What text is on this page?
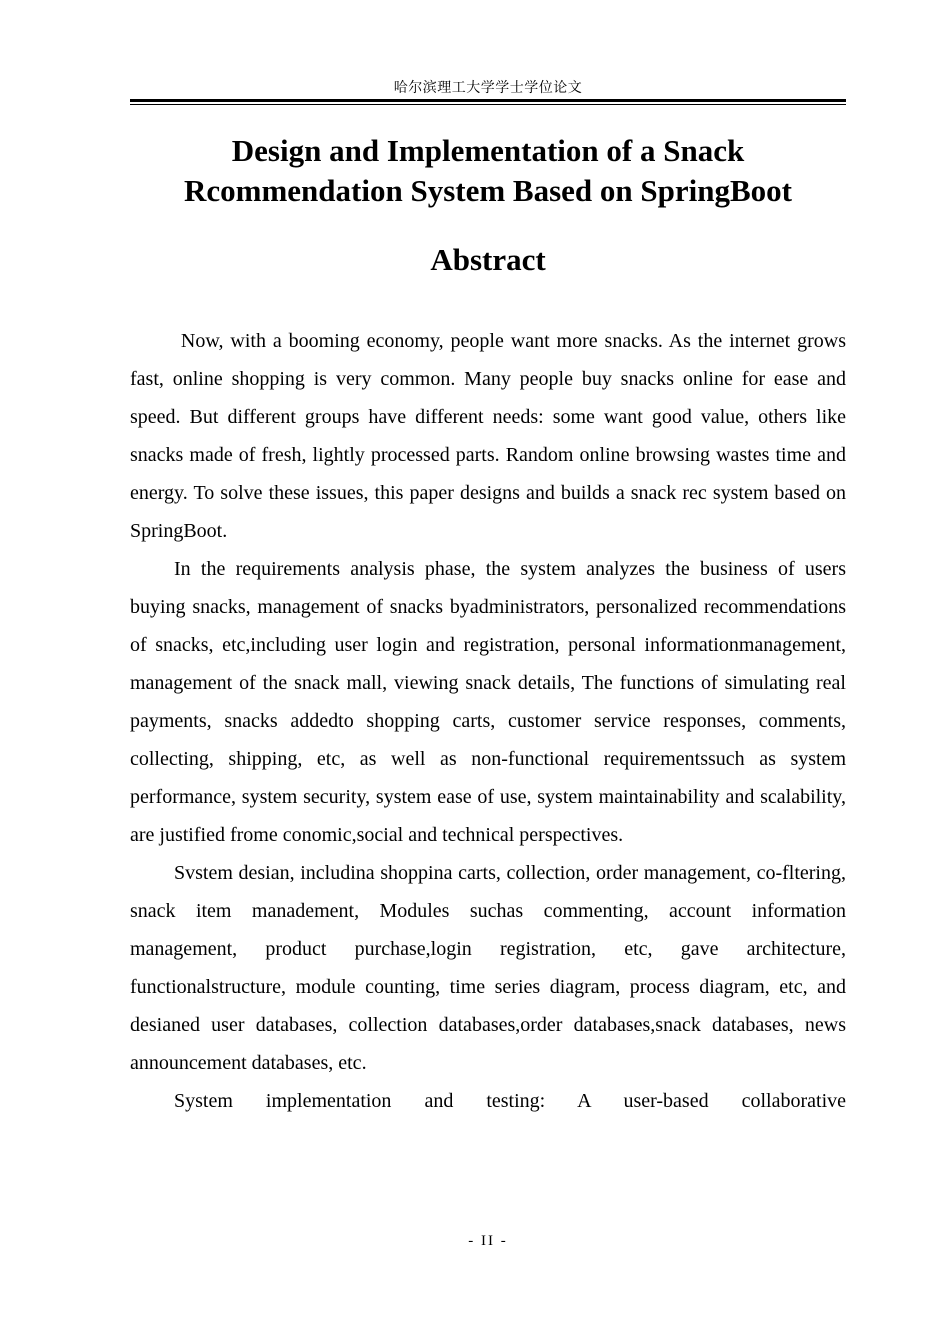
哈尔滨理工大学学士学位论文
Design and Implementation of a Snack
Rcommendation System Based on SpringBoot
Abstract

Now, with a booming economy, people want more snacks. As the internet grows fast, online shopping is very common. Many people buy snacks online for ease and speed. But different groups have different needs: some want good value, others like snacks made of fresh, lightly processed parts. Random online browsing wastes time and energy. To solve these issues, this paper designs and builds a snack rec system based on SpringBoot.

In the requirements analysis phase, the system analyzes the business of users buying snacks, management of snacks byadministrators, personalized recommendations of snacks, etc,including user login and registration, personal informationmanagement, management of the snack mall, viewing snack details, The functions of simulating real payments, snacks addedto shopping carts, customer service responses, comments, collecting, shipping, etc, as well as non-functional requirementssuch as system performance, system security, system ease of use, system maintainability and scalability, are justified frome conomic,social and technical perspectives.

Svstem desian, includina shoppina carts, collection, order management, co-fltering, snack item manadement, Modules suchas commenting, account information management, product purchase,login registration, etc, gave architecture, functionalstructure, module counting, time series diagram, process diagram, etc, and desianed user databases, collection databases,order databases,snack databases, news announcement databases, etc.

System implementation and testing: A user-based collaborative

- II -
